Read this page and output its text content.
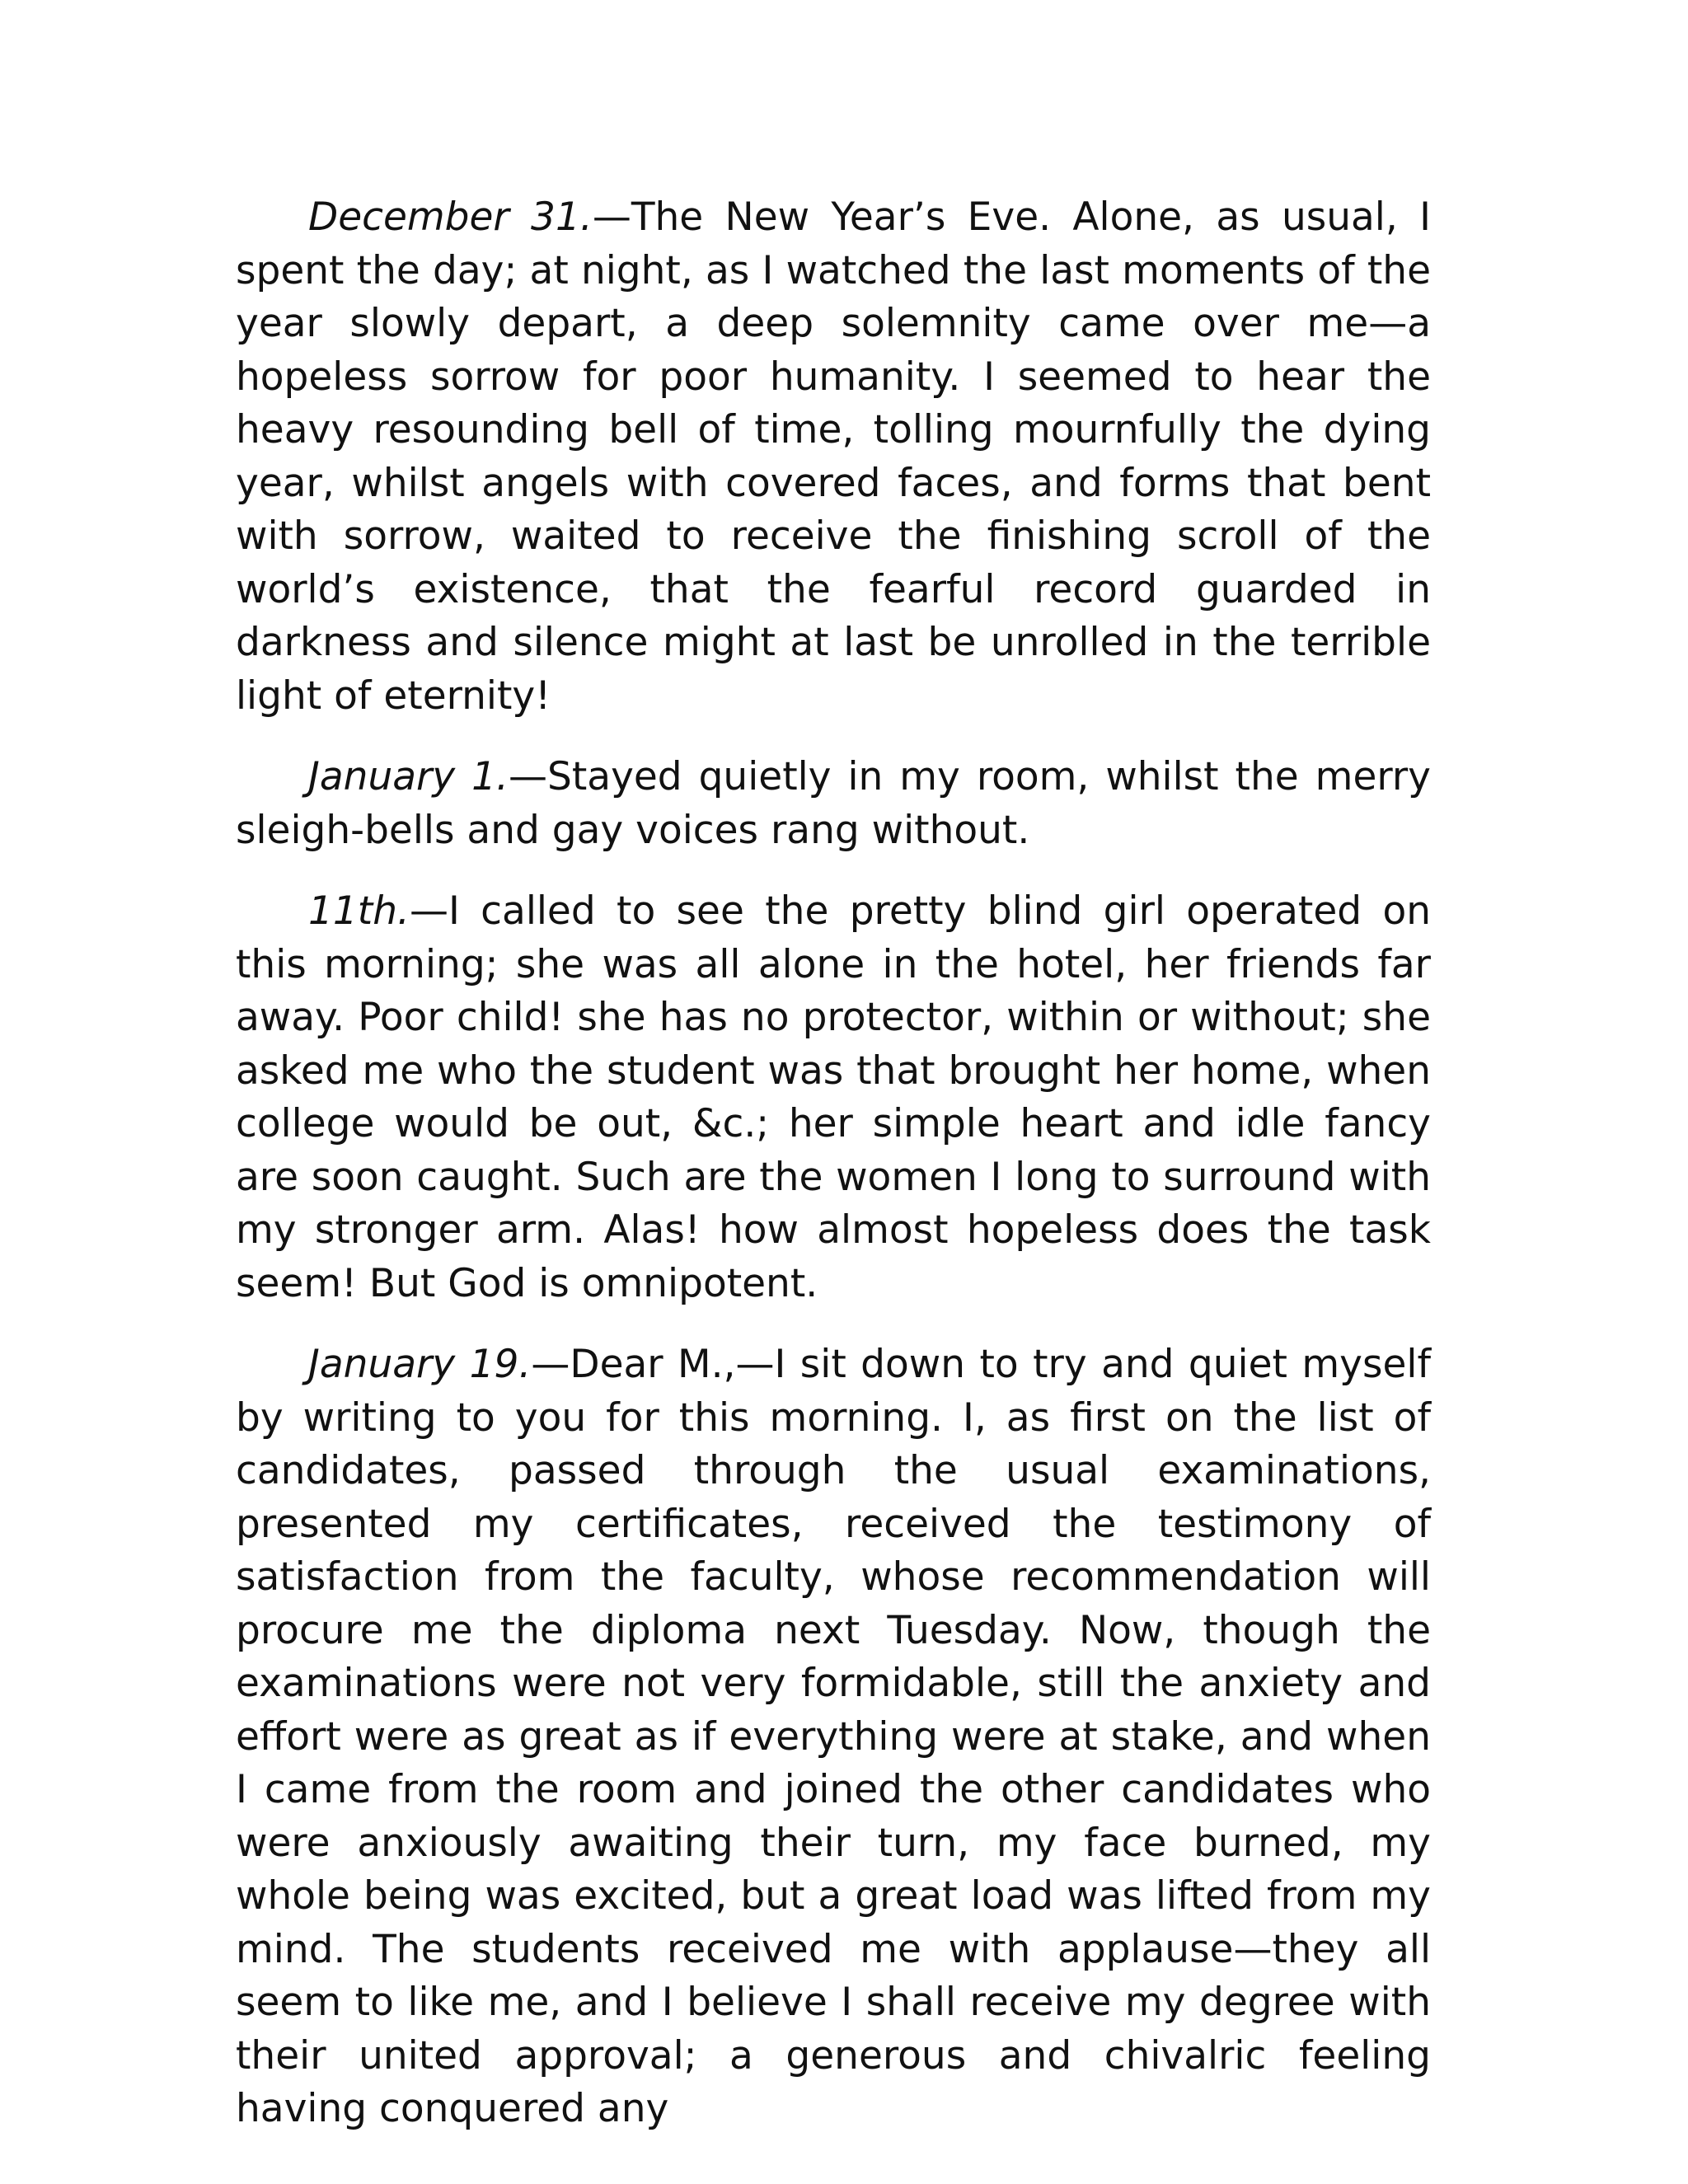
December 31.—The New Year’s Eve. Alone, as usual, I spent the day; at night, as I watched the last moments of the year slowly depart, a deep solemnity came over me—a hopeless sorrow for poor humanity. I seemed to hear the heavy resounding bell of time, tolling mournfully the dying year, whilst angels with covered faces, and forms that bent with sorrow, waited to receive the finishing scroll of the world’s existence, that the fearful record guarded in darkness and silence might at last be unrolled in the terrible light of eternity!

January 1.—Stayed quietly in my room, whilst the merry sleigh-bells and gay voices rang without.

11th.—I called to see the pretty blind girl operated on this morning; she was all alone in the hotel, her friends far away. Poor child! she has no protector, within or without; she asked me who the student was that brought her home, when college would be out, &c.; her simple heart and idle fancy are soon caught. Such are the women I long to surround with my stronger arm. Alas! how almost hopeless does the task seem! But God is omnipotent.

January 19.—Dear M.,—I sit down to try and quiet myself by writing to you for this morning. I, as first on the list of candidates, passed through the usual examinations, presented my certificates, received the testimony of satisfaction from the faculty, whose recommendation will procure me the diploma next Tuesday. Now, though the examinations were not very formidable, still the anxiety and effort were as great as if everything were at stake, and when I came from the room and joined the other candidates who were anxiously awaiting their turn, my face burned, my whole being was excited, but a great load was lifted from my mind. The students received me with applause—they all seem to like me, and I believe I shall receive my degree with their united approval; a generous and chivalric feeling having conquered any
